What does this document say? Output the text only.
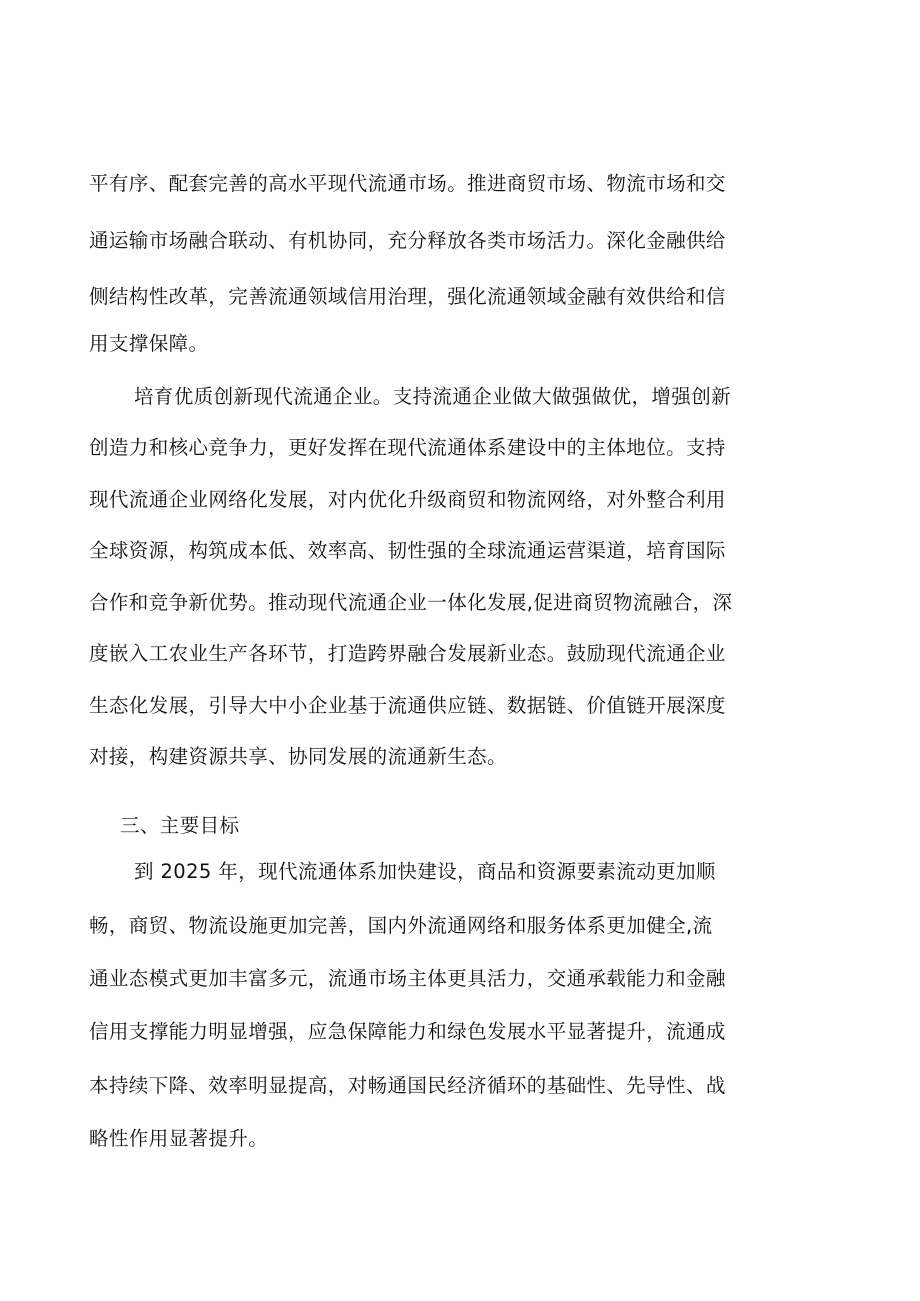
平有序、配套完善的高水平现代流通市场。推进商贸市场、物流市场和交
通运输市场融合联动、有机协同，充分释放各类市场活力。深化金融供给
侧结构性改革，完善流通领域信用治理，强化流通领域金融有效供给和信
用支撑保障。
培育优质创新现代流通企业。支持流通企业做大做强做优，增强创新
创造力和核心竞争力，更好发挥在现代流通体系建设中的主体地位。支持
现代流通企业网络化发展，对内优化升级商贸和物流网络，对外整合利用
全球资源，构筑成本低、效率高、韧性强的全球流通运营渠道，培育国际
合作和竞争新优势。推动现代流通企业一体化发展,促进商贸物流融合，深
度嵌入工农业生产各环节，打造跨界融合发展新业态。鼓励现代流通企业
生态化发展，引导大中小企业基于流通供应链、数据链、价值链开展深度
对接，构建资源共享、协同发展的流通新生态。
三、主要目标
到 2025 年，现代流通体系加快建设，商品和资源要素流动更加顺
畅，商贸、物流设施更加完善，国内外流通网络和服务体系更加健全,流
通业态模式更加丰富多元，流通市场主体更具活力，交通承载能力和金融
信用支撑能力明显增强，应急保障能力和绿色发展水平显著提升，流通成
本持续下降、效率明显提高，对畅通国民经济循环的基础性、先导性、战
略性作用显著提升。
